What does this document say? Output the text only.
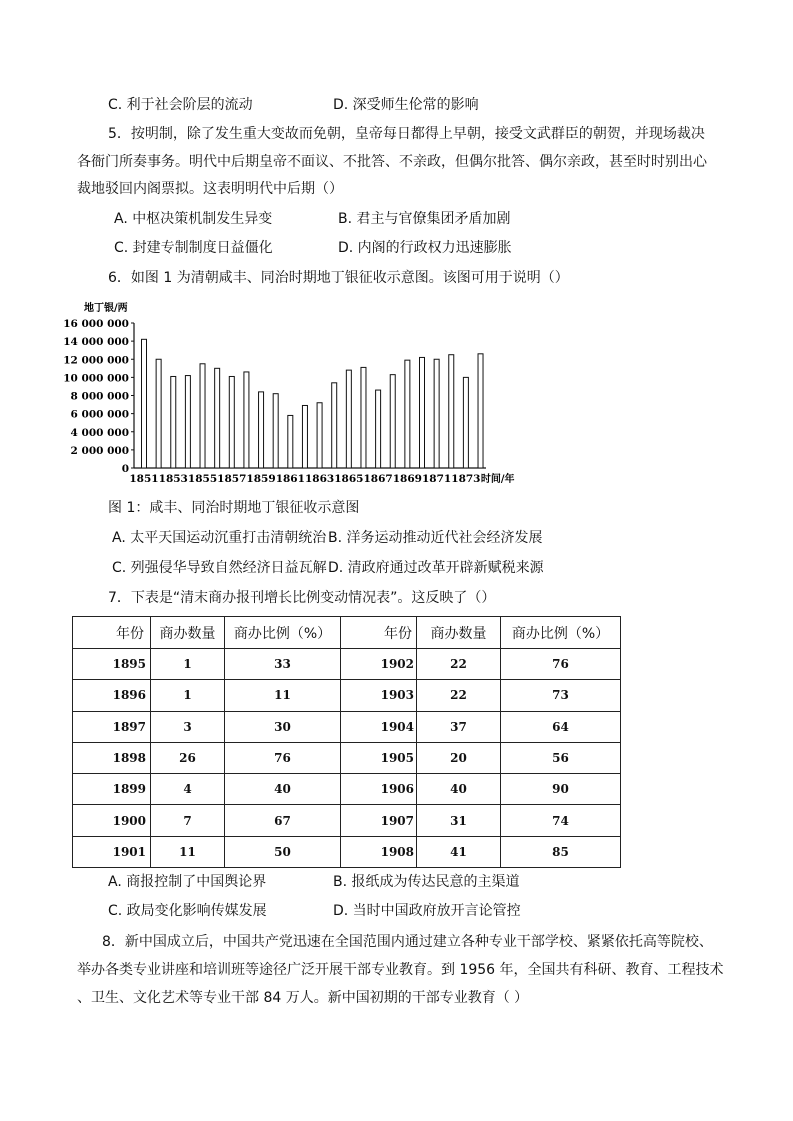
C. 利于社会阶层的流动	D. 深受师生伦常的影响
5．按明制，除了发生重大变故而免朝，皇帝每日都得上早朝，接受文武群臣的朝贺，并现场裁决
各衙门所奏事务。明代中后期皇帝不面议、不批答、不亲政，但偶尔批答、偶尔亲政，甚至时时别出心
裁地驳回内阁票拟。这表明明代中后期（）
A. 中枢决策机制发生异变	B. 君主与官僚集团矛盾加剧
C. 封建专制制度日益僵化	D. 内阁的行政权力迅速膨胀
6．如图 1 为清朝咸丰、同治时期地丁银征收示意图。该图可用于说明（）
地丁银/两
0
2 000 000
4 000 000
6 000 000
8 000 000
10 000 000
12 000 000
14 000 000
16 000 000
1851 1853 1855 1857 1859 1861 1863 1865 1867 1869 1871 1873 时间/年
图 1：咸丰、同治时期地丁银征收示意图
A. 太平天国运动沉重打击清朝统治 B. 洋务运动推动近代社会经济发展
C. 列强侵华导致自然经济日益瓦解 D. 清政府通过改革开辟新赋税来源
7．下表是“清末商办报刊增长比例变动情况表”。这反映了（）
年份	商办数量	商办比例（%）	年份	商办数量	商办比例（%）
1895	1	33	1902	22	76
1896	1	11	1903	22	73
1897	3	30	1904	37	64
1898	26	76	1905	20	56
1899	4	40	1906	40	90
1900	7	67	1907	31	74
1901	11	50	1908	41	85
A. 商报控制了中国舆论界	B. 报纸成为传达民意的主渠道
C. 政局变化影响传媒发展	D. 当时中国政府放开言论管控
8．新中国成立后，中国共产党迅速在全国范围内通过建立各种专业干部学校、紧紧依托高等院校、
举办各类专业讲座和培训班等途径广泛开展干部专业教育。到 1956 年，全国共有科研、教育、工程技术
、卫生、文化艺术等专业干部 84 万人。新中国初期的干部专业教育（ ）
